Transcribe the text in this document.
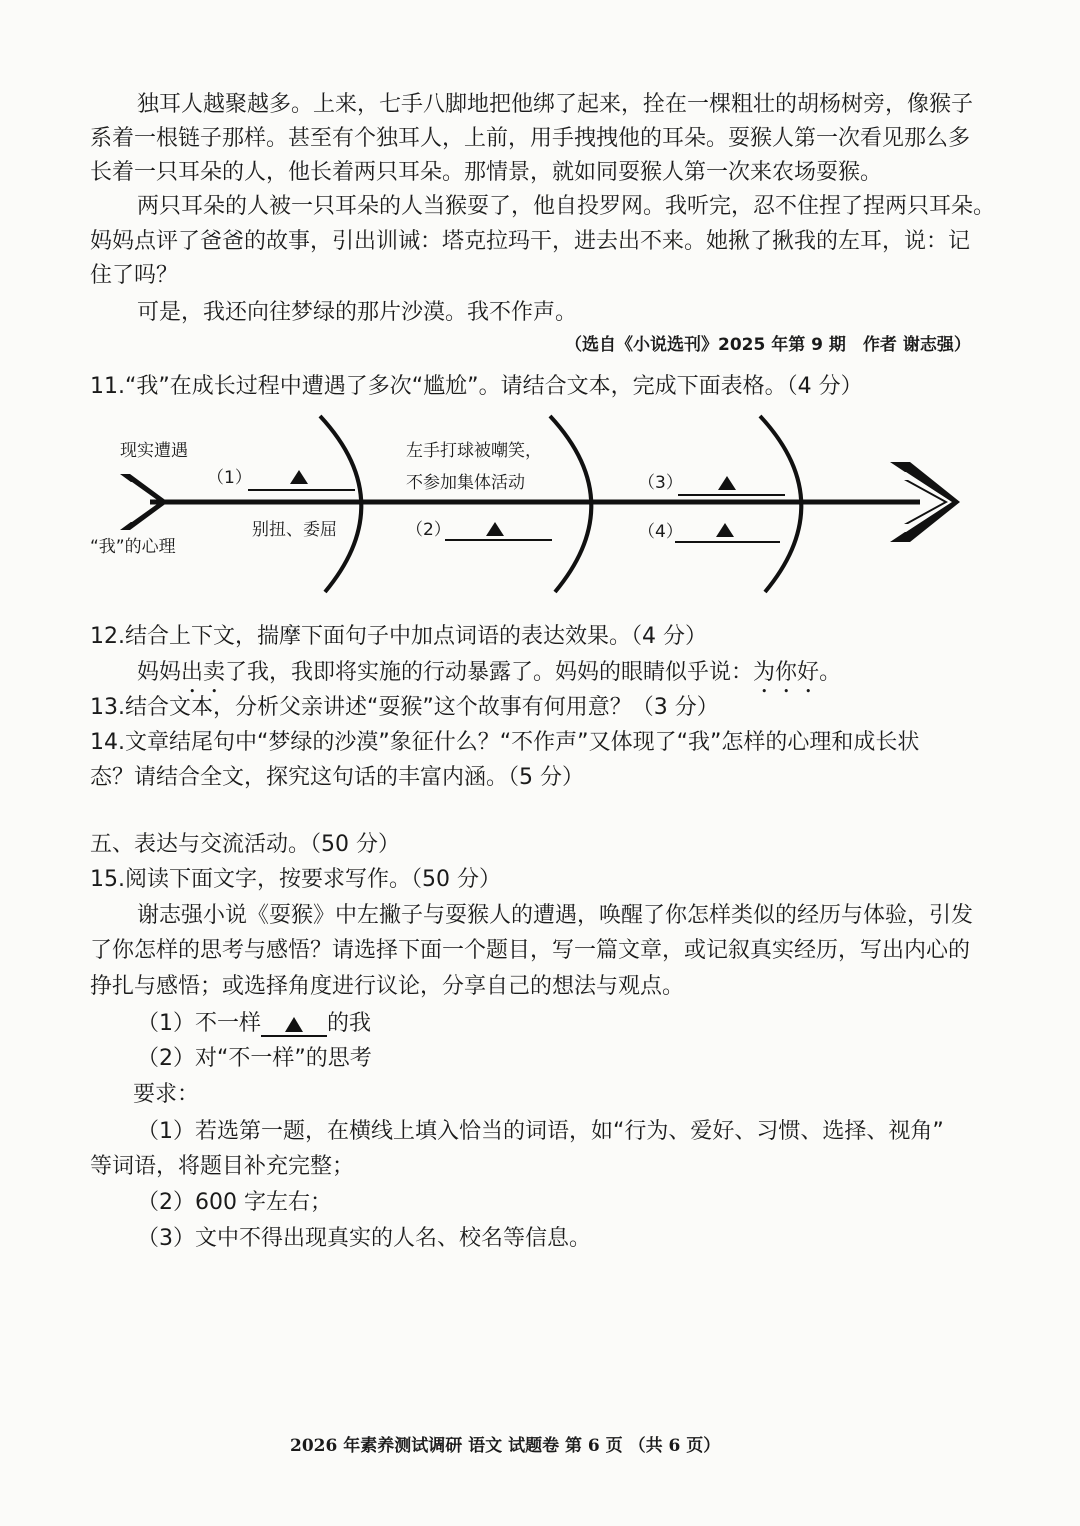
独耳人越聚越多。上来，七手八脚地把他绑了起来，拴在一棵粗壮的胡杨树旁，像猴子
系着一根链子那样。甚至有个独耳人，上前，用手拽拽他的耳朵。耍猴人第一次看见那么多
长着一只耳朵的人，他长着两只耳朵。那情景，就如同耍猴人第一次来农场耍猴。
两只耳朵的人被一只耳朵的人当猴耍了，他自投罗网。我听完，忍不住捏了捏两只耳朵。
妈妈点评了爸爸的故事，引出训诫：塔克拉玛干，进去出不来。她揪了揪我的左耳，说：记
住了吗？
可是，我还向往梦绿的那片沙漠。我不作声。
（选自《小说选刊》2025 年第 9 期　作者 谢志强）
11.“我”在成长过程中遭遇了多次“尴尬”。请结合文本，完成下面表格。（4 分）
现实遭遇
“我”的心理
（1）
左手打球被嘲笑，
不参加集体活动
别扭、委屈	（2）
（3）
（4）
12.结合上下文，揣摩下面句子中加点词语的表达效果。（4 分）
妈妈出卖了我，我即将实施的行动暴露了。妈妈的眼睛似乎说：为你好。
13.结合文本，分析父亲讲述“耍猴”这个故事有何用意？（3 分）
14.文章结尾句中“梦绿的沙漠”象征什么？“不作声”又体现了“我”怎样的心理和成长状
态？请结合全文，探究这句话的丰富内涵。（5 分）
五、表达与交流活动。（50 分）
15.阅读下面文字，按要求写作。（50 分）
谢志强小说《耍猴》中左撇子与耍猴人的遭遇，唤醒了你怎样类似的经历与体验，引发
了你怎样的思考与感悟？请选择下面一个题目，写一篇文章，或记叙真实经历，写出内心的
挣扎与感悟；或选择角度进行议论，分享自己的想法与观点。
（1）不一样	的我
（2）对“不一样”的思考
要求：
（1）若选第一题，在横线上填入恰当的词语，如“行为、爱好、习惯、选择、视角”
等词语，将题目补充完整；
（2）600 字左右；
（3）文中不得出现真实的人名、校名等信息。
2026 年素养测试调研 语文 试题卷 第 6 页 （共 6 页）
